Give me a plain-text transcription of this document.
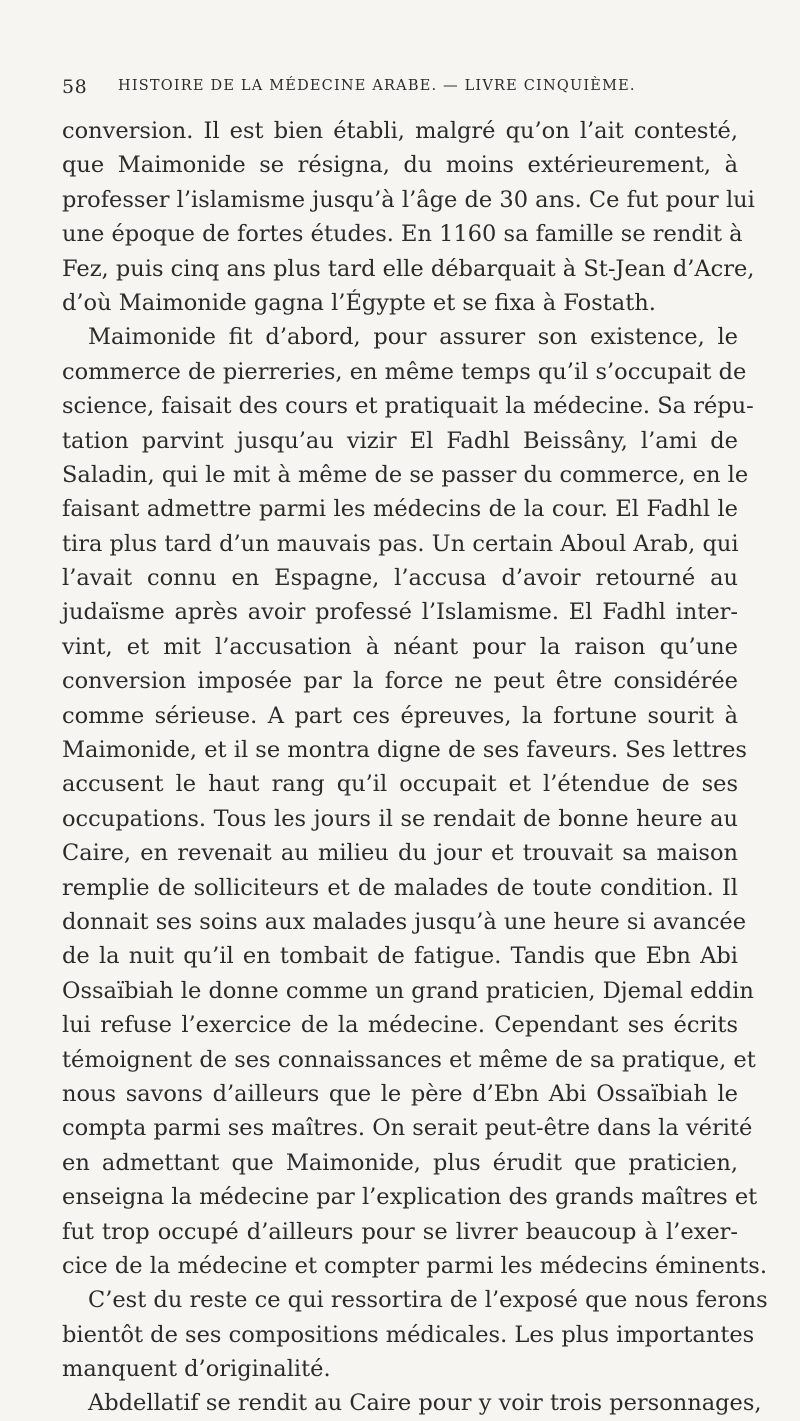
58 HISTOIRE DE LA MÉDECINE ARABE. — LIVRE CINQUIÈME.
conversion. Il est bien établi, malgré qu’on l’ait contesté,
que Maimonide se résigna, du moins extérieurement, à
professer l’islamisme jusqu’à l’âge de 30 ans. Ce fut pour lui
une époque de fortes études. En 1160 sa famille se rendit à
Fez, puis cinq ans plus tard elle débarquait à St-Jean d’Acre,
d’où Maimonide gagna l’Égypte et se fixa à Fostath.
Maimonide fit d’abord, pour assurer son existence, le
commerce de pierreries, en même temps qu’il s’occupait de
science, faisait des cours et pratiquait la médecine. Sa répu-
tation parvint jusqu’au vizir El Fadhl Beissâny, l’ami de
Saladin, qui le mit à même de se passer du commerce, en le
faisant admettre parmi les médecins de la cour. El Fadhl le
tira plus tard d’un mauvais pas. Un certain Aboul Arab, qui
l’avait connu en Espagne, l’accusa d’avoir retourné au
judaïsme après avoir professé l’Islamisme. El Fadhl inter-
vint, et mit l’accusation à néant pour la raison qu’une
conversion imposée par la force ne peut être considérée
comme sérieuse. A part ces épreuves, la fortune sourit à
Maimonide, et il se montra digne de ses faveurs. Ses lettres
accusent le haut rang qu’il occupait et l’étendue de ses
occupations. Tous les jours il se rendait de bonne heure au
Caire, en revenait au milieu du jour et trouvait sa maison
remplie de solliciteurs et de malades de toute condition. Il
donnait ses soins aux malades jusqu’à une heure si avancée
de la nuit qu’il en tombait de fatigue. Tandis que Ebn Abi
Ossaïbiah le donne comme un grand praticien, Djemal eddin
lui refuse l’exercice de la médecine. Cependant ses écrits
témoignent de ses connaissances et même de sa pratique, et
nous savons d’ailleurs que le père d’Ebn Abi Ossaïbiah le
compta parmi ses maîtres. On serait peut-être dans la vérité
en admettant que Maimonide, plus érudit que praticien,
enseigna la médecine par l’explication des grands maîtres et
fut trop occupé d’ailleurs pour se livrer beaucoup à l’exer-
cice de la médecine et compter parmi les médecins éminents.
C’est du reste ce qui ressortira de l’exposé que nous ferons
bientôt de ses compositions médicales. Les plus importantes
manquent d’originalité.
Abdellatif se rendit au Caire pour y voir trois personnages,
